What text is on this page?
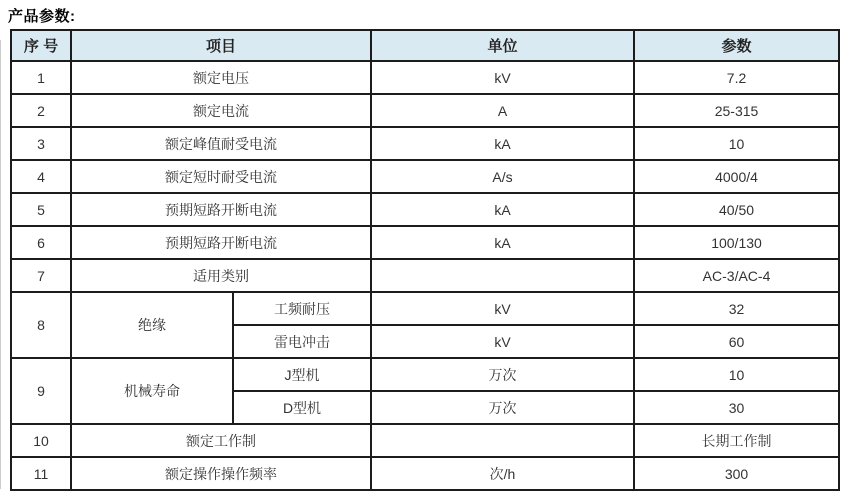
产品参数:
序 号	项目		单位	参数
1	额定电压		kV	7.2
2	额定电流		A	25-315
3	额定峰值耐受电流		kA	10
4	额定短时耐受电流		A/s	4000/4
5	预期短路开断电流		kA	40/50
6	预期短路开断电流		kA	100/130
7	适用类别			AC-3/AC-4
8	绝缘	工频耐压	kV	32
		雷电冲击	kV	60
9	机械寿命	J型机	万次	10
		D型机	万次	30
10	额定工作制			长期工作制
11	额定操作操作频率		次/h	300
